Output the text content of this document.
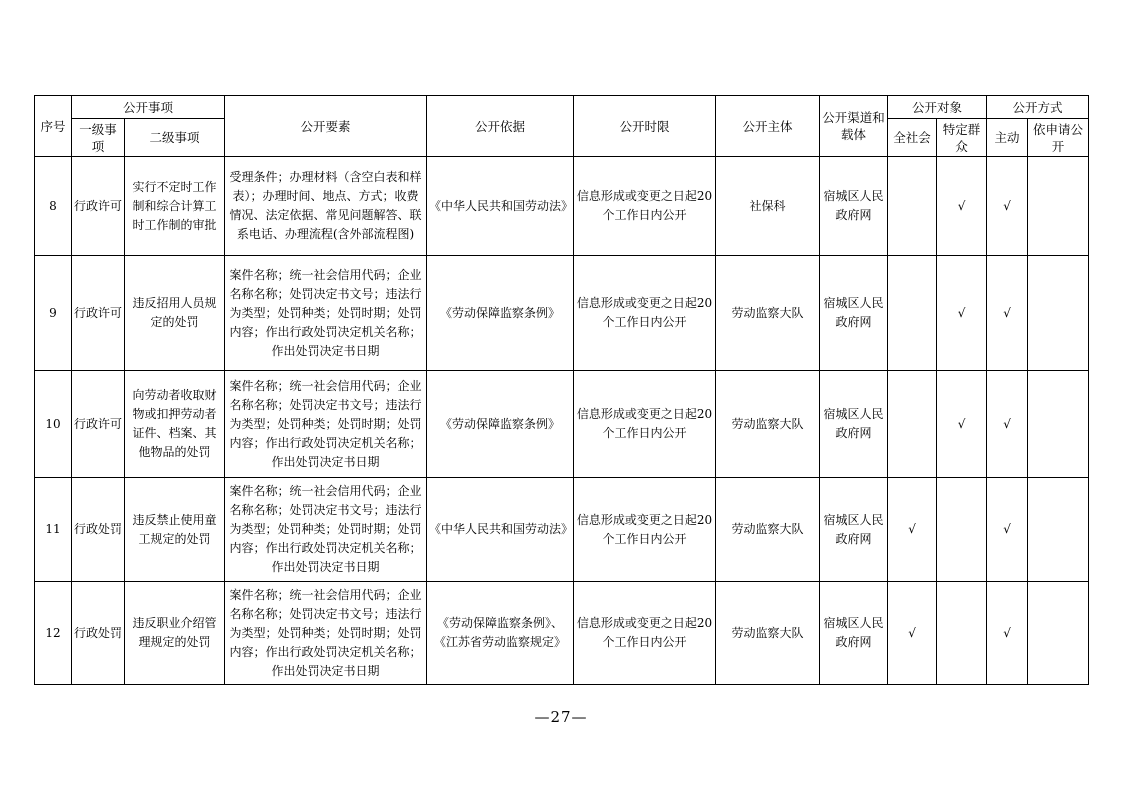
序号	公开事项		公开要素	公开依据	公开时限	公开主体	公开渠道和载体	公开对象		公开方式	
	一级事项	二级事项						全社会	特定群众	主动	依申请公开
8	行政许可	实行不定时工作制和综合计算工时工作制的审批	受理条件；办理材料（含空白表和样表）；办理时间、地点、方式；收费情况、法定依据、常见问题解答、联系电话、办理流程(含外部流程图)	《中华人民共和国劳动法》	信息形成或变更之日起20个工作日内公开	社保科	宿城区人民政府网		√	√	
9	行政许可	违反招用人员规定的处罚	案件名称；统一社会信用代码；企业名称名称；处罚决定书文号；违法行为类型；处罚种类；处罚时期；处罚内容；作出行政处罚决定机关名称；作出处罚决定书日期	《劳动保障监察条例》	信息形成或变更之日起20个工作日内公开	劳动监察大队	宿城区人民政府网		√	√	
10	行政许可	向劳动者收取财物或扣押劳动者证件、档案、其他物品的处罚	案件名称；统一社会信用代码；企业名称名称；处罚决定书文号；违法行为类型；处罚种类；处罚时期；处罚内容；作出行政处罚决定机关名称；作出处罚决定书日期	《劳动保障监察条例》	信息形成或变更之日起20个工作日内公开	劳动监察大队	宿城区人民政府网		√	√	
11	行政处罚	违反禁止使用童工规定的处罚	案件名称；统一社会信用代码；企业名称名称；处罚决定书文号；违法行为类型；处罚种类；处罚时期；处罚内容；作出行政处罚决定机关名称；作出处罚决定书日期	《中华人民共和国劳动法》	信息形成或变更之日起20个工作日内公开	劳动监察大队	宿城区人民政府网	√		√	
12	行政处罚	违反职业介绍管理规定的处罚	案件名称；统一社会信用代码；企业名称名称；处罚决定书文号；违法行为类型；处罚种类；处罚时期；处罚内容；作出行政处罚决定机关名称；作出处罚决定书日期	《劳动保障监察条例》、《江苏省劳动监察规定》	信息形成或变更之日起20个工作日内公开	劳动监察大队	宿城区人民政府网	√		√	
—27—
